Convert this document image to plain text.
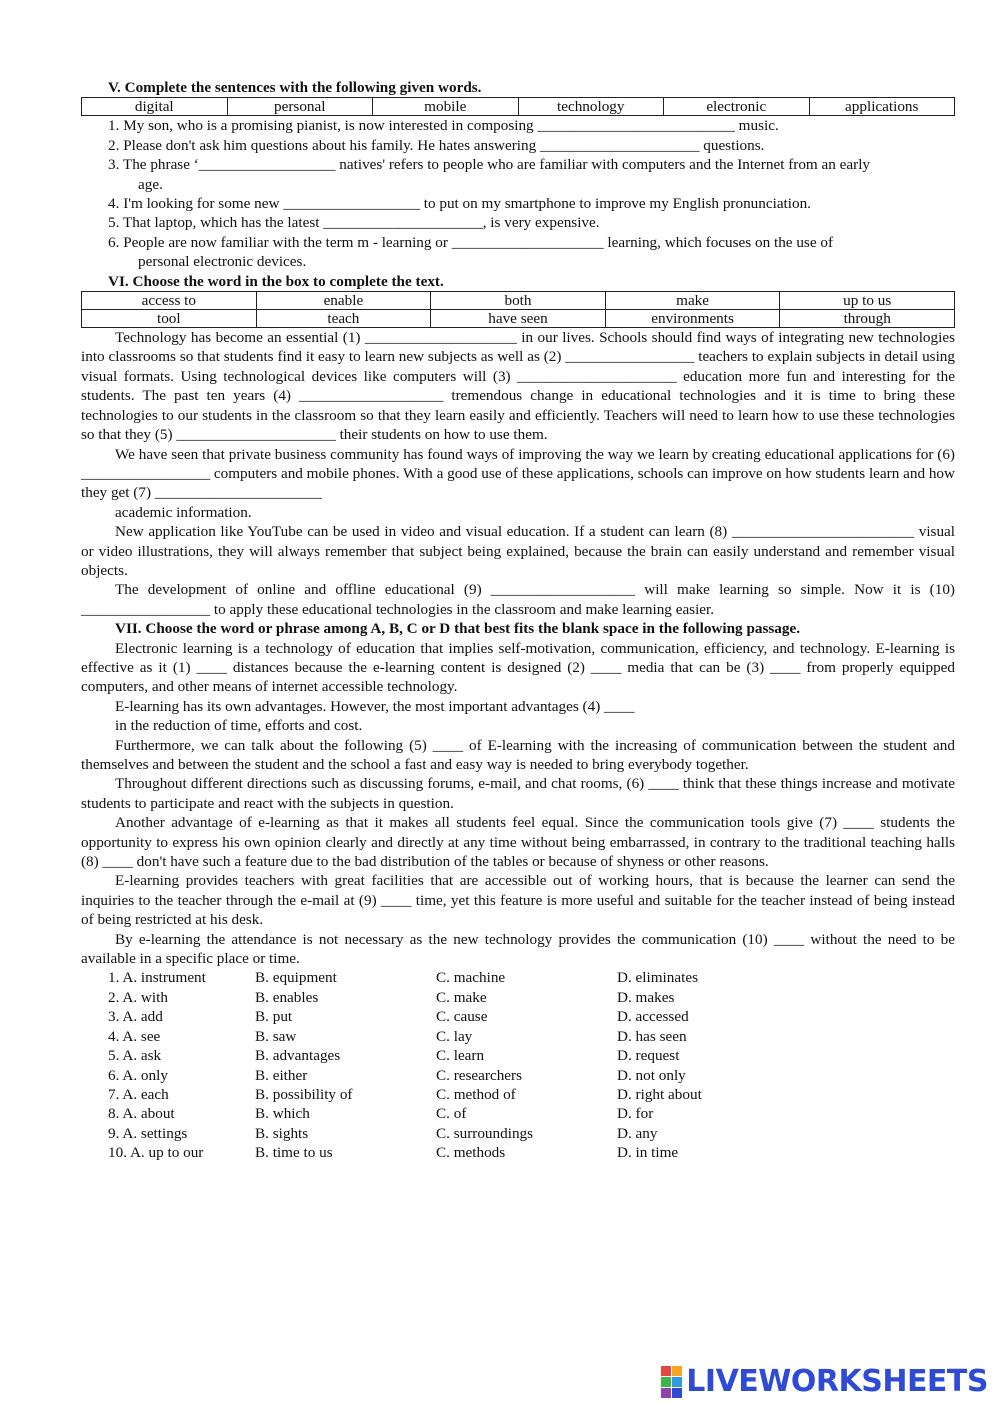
V. Complete the sentences with the following given words.
digital	personal	mobile	technology	electronic	applications
1. My son, who is a promising pianist, is now interested in composing __________________________ music.
2. Please don't ask him questions about his family. He hates answering _____________________ questions.
3. The phrase ‘__________________ natives' refers to people who are familiar with computers and the Internet from an early
age.
4. I'm looking for some new __________________ to put on my smartphone to improve my English pronunciation.
5. That laptop, which has the latest _____________________, is very expensive.
6. People are now familiar with the term m - learning or ____________________ learning, which focuses on the use of
personal electronic devices.
VI. Choose the word in the box to complete the text.
access to	enable	both	make	up to us
tool	teach	have seen	environments	through

Technology has become an essential (1) ____________________ in our lives. Schools should find ways of integrating new technologies into classrooms so that students find it easy to learn new subjects as well as (2) _________________ teachers to explain subjects in detail using visual formats. Using technological devices like computers will (3) _____________________ education more fun and interesting for the students. The past ten years (4) ___________________ tremendous change in educational technologies and it is time to bring these technologies to our students in the classroom so that they learn easily and efficiently. Teachers will need to learn how to use these technologies so that they (5) _____________________ their students on how to use them.

We have seen that private business community has found ways of improving the way we learn by creating educational applications for (6) _________________ computers and mobile phones. With a good use of these applications, schools can improve on how students learn and how they get (7) ______________________

academic information.

New application like YouTube can be used in video and visual education. If a student can learn (8) ________________________ visual or video illustrations, they will always remember that subject being explained, because the brain can easily understand and remember visual objects.

The development of online and offline educational (9) ___________________ will make learning so simple. Now it is (10) _________________ to apply these educational technologies in the classroom and make learning easier.

VII. Choose the word or phrase among A, B, C or D that best fits the blank space in the following passage.

Electronic learning is a technology of education that implies self-motivation, communication, efficiency, and technology. E-learning is effective as it (1) ____ distances because the e-learning content is designed (2) ____ media that can be (3) ____ from properly equipped computers, and other means of internet accessible technology.

E-learning has its own advantages. However, the most important advantages (4) ____

in the reduction of time, efforts and cost.

Furthermore, we can talk about the following (5) ____ of E-learning with the increasing of communication between the student and themselves and between the student and the school a fast and easy way is needed to bring everybody together.

Throughout different directions such as discussing forums, e-mail, and chat rooms, (6) ____ think that these things increase and motivate students to participate and react with the subjects in question.

Another advantage of e-learning as that it makes all students feel equal. Since the communication tools give (7) ____ students the opportunity to express his own opinion clearly and directly at any time without being embarrassed, in contrary to the traditional teaching halls (8) ____ don't have such a feature due to the bad distribution of the tables or because of shyness or other reasons.

E-learning provides teachers with great facilities that are accessible out of working hours, that is because the learner can send the inquiries to the teacher through the e-mail at (9) ____ time, yet this feature is more useful and suitable for the teacher instead of being instead of being restricted at his desk.

By e-learning the attendance is not necessary as the new technology provides the communication (10) ____ without the need to be available in a specific place or time.

1. A. instrument	B. equipment	C. machine	D. eliminates
2. A. with	B. enables	C. make	D. makes
3. A. add	B. put	C. cause	D. accessed
4. A. see	B. saw	C. lay	D. has seen
5. A. ask	B. advantages	C. learn	D. request
6. A. only	B. either	C. researchers	D. not only
7. A. each	B. possibility of	C. method of	D. right about
8. A. about	B. which	C. of	D. for
9. A. settings	B. sights	C. surroundings	D. any
10. A. up to our	B. time to us	C. methods	D. in time
LIVEWORKSHEETS
